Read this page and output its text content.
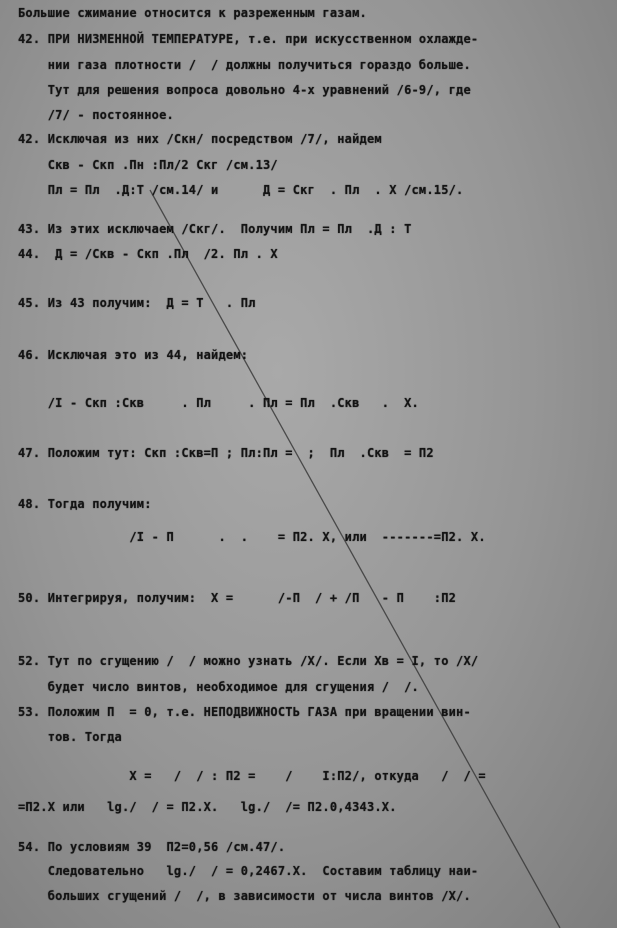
Большие сжимание относится к разреженным газам.
42. ПРИ НИЗМЕННОЙ ТЕМПЕРАТУРЕ, т.е. при искусственном охлажде-
нии газа плотности /  / должны получиться гораздо больше.
Тут для решения вопроса довольно 4-х уравнений /6-9/, где
/7/ - постоянное.
42. Исключая из них /Скн/ посредством /7/, найдем
Скв - Скп .Пн :Пл/2 Скг /см.13/
Пл = Пл  .Д:Т /см.14/ и      Д = Скг  . Пл  . Х /см.15/.
43. Из этих исключаем /Скг/.  Получим Пл = Пл  .Д : Т
44.  Д = /Скв - Скп .Пл  /2. Пл . Х
45. Из 43 получим:  Д = Т   . Пл
46. Исключая это из 44, найдем:
/I - Скп :Скв     . Пл     . Пл = Пл  .Скв   .  Х.
47. Положим тут: Скп :Скв=П ; Пл:Пл =  ;  Пл  .Скв  = П2
48. Тогда получим:
/I - П      .  .    = П2. Х, или  -------=П2. Х.
50. Интегрируя, получим:  Х =      /-П  / + /П   - П    :П2
52. Тут по сгущению /  / можно узнать /Х/. Если Хв = I, то /Х/
будет число винтов, необходимое для сгущения /  /.
53. Положим П  = 0, т.е. НЕПОДВИЖНОСТЬ ГАЗА при вращении вин-
тов. Тогда
Х =   /  / : П2 =    /    I:П2/, откуда   /  / =
=П2.Х или   lg./  / = П2.Х.   lg./  /= П2.0,4343.Х.
54. По условиям 39  П2=0,56 /см.47/.
Следовательно   lg./  / = 0,2467.Х.  Составим таблицу наи-
больших сгущений /  /, в зависимости от числа винтов /Х/.
